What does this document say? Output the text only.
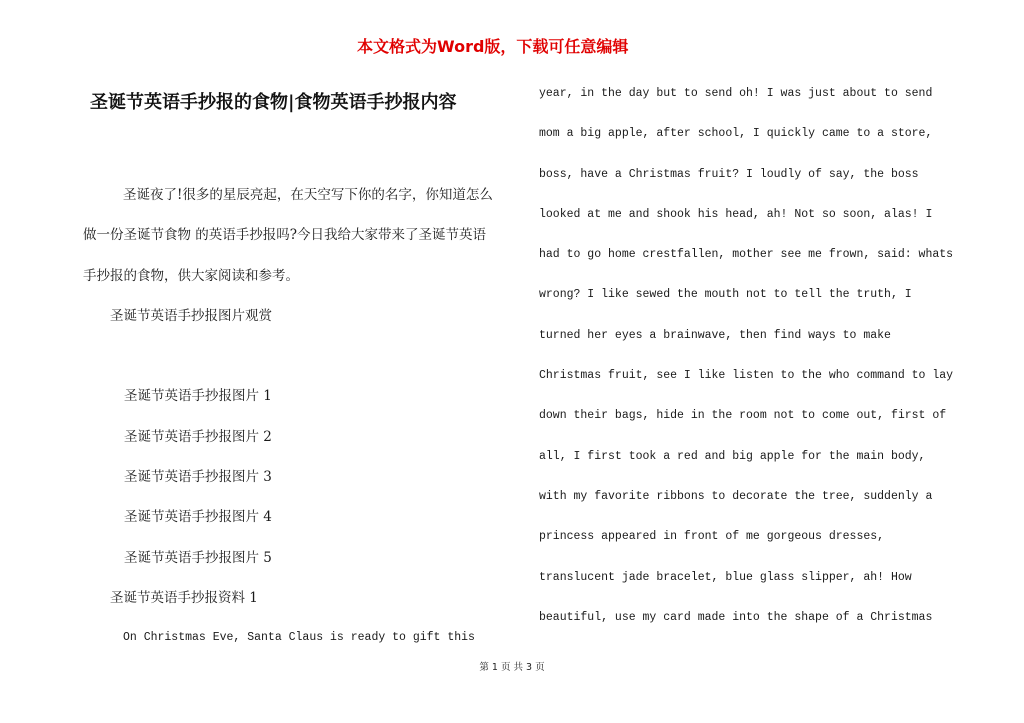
本文格式为Word版，下载可任意编辑
圣诞节英语手抄报的食物|食物英语手抄报内容
圣诞夜了!很多的星辰亮起，在天空写下你的名字，你知道怎么
做一份圣诞节食物 的英语手抄报吗?今日我给大家带来了圣诞节英语
手抄报的食物，供大家阅读和参考。
圣诞节英语手抄报图片观赏
圣诞节英语手抄报图片 1
圣诞节英语手抄报图片 2
圣诞节英语手抄报图片 3
圣诞节英语手抄报图片 4
圣诞节英语手抄报图片 5
圣诞节英语手抄报资料 1
On Christmas Eve, Santa Claus is ready to gift this
year, in the day but to send oh! I was just about to send
mom a big apple, after school, I quickly came to a store,
boss, have a Christmas fruit? I loudly of say, the boss
looked at me and shook his head, ah! Not so soon, alas! I
had to go home crestfallen, mother see me frown, said: whats
wrong? I like sewed the mouth not to tell the truth, I
turned her eyes a brainwave, then find ways to make
Christmas fruit, see I like listen to the who command to lay
down their bags, hide in the room not to come out, first of
all, I first took a red and big apple for the main body,
with my favorite ribbons to decorate the tree, suddenly a
princess appeared in front of me gorgeous dresses,
translucent jade bracelet, blue glass slipper, ah! How
beautiful, use my card made into the shape of a Christmas
第 1 页 共 3 页
